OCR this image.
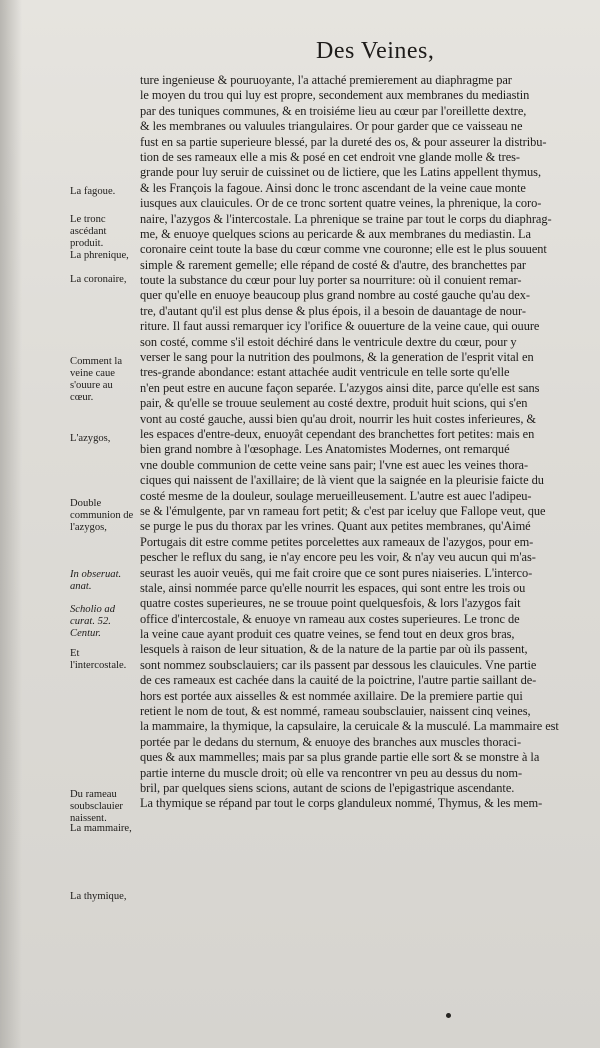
Des Veines,
ture ingenieuse & pouruoyante, l'a attaché premierement au diaphragme par
le moyen du trou qui luy est propre, secondement aux membranes du mediastin
par des tuniques communes, & en troisiéme lieu au cœur par l'oreillette dextre,
& les membranes ou valuules triangulaires. Or pour garder que ce vaisseau ne
fust en sa partie superieure blessé, par la dureté des os, & pour asseurer la distribu-
tion de ses rameaux elle a mis & posé en cet endroit vne glande molle & tres-
grande pour luy seruir de cuissinet ou de lictiere, que les Latins appellent thymus,
& les François la fagoue. Ainsi donc le tronc ascendant de la veine caue monte
iusques aux clauicules. Or de ce tronc sortent quatre veines, la phrenique, la coro-
naire, l'azygos & l'intercostale. La phrenique se traine par tout le corps du diaphrag-
me, & enuoye quelques scions au pericarde & aux membranes du mediastin. La
coronaire ceint toute la base du cœur comme vne couronne; elle est le plus souuent
simple & rarement gemelle; elle répand de costé & d'autre, des branchettes par
toute la substance du cœur pour luy porter sa nourriture: où il conuient remar-
quer qu'elle en enuoye beaucoup plus grand nombre au costé gauche qu'au dex-
tre, d'autant qu'il est plus dense & plus épois, il a besoin de dauantage de nour-
riture. Il faut aussi remarquer icy l'orifice & ouuerture de la veine caue, qui ouure
son costé, comme s'il estoit déchiré dans le ventricule dextre du cœur, pour y
verser le sang pour la nutrition des poulmons, & la generation de l'esprit vital en
tres-grande abondance: estant attachée audit ventricule en telle sorte qu'elle
n'en peut estre en aucune façon separée. L'azygos ainsi dite, parce qu'elle est sans
pair, & qu'elle se trouue seulement au costé dextre, produit huit scions, qui s'en
vont au costé gauche, aussi bien qu'au droit, nourrir les huit costes inferieures, &
les espaces d'entre-deux, enuoyât cependant des branchettes fort petites: mais en
bien grand nombre à l'œsophage. Les Anatomistes Modernes, ont remarqué
vne double communion de cette veine sans pair; l'vne est auec les veines thora-
ciques qui naissent de l'axillaire; de là vient que la saignée en la pleurisie faicte du
costé mesme de la douleur, soulage merueilleusement. L'autre est auec l'adipeu-
se & l'émulgente, par vn rameau fort petit; & c'est par iceluy que Fallope veut, que
se purge le pus du thorax par les vrines. Quant aux petites membranes, qu'Aimé
Portugais dit estre comme petites porcelettes aux rameaux de l'azygos, pour em-
pescher le reflux du sang, ie n'ay encore peu les voir, & n'ay veu aucun qui m'as-
seurast les auoir veuës, qui me fait croire que ce sont pures niaiseries. L'interco-
stale, ainsi nommée parce qu'elle nourrit les espaces, qui sont entre les trois ou
quatre costes superieures, ne se trouue point quelquesfois, & lors l'azygos fait
office d'intercostale, & enuoye vn rameau aux costes superieures. Le tronc de
la veine caue ayant produit ces quatre veines, se fend tout en deux gros bras,
lesquels à raison de leur situation, & de la nature de la partie par où ils passent,
sont nommez soubsclauiers; car ils passent par dessous les clauicules. Vne partie
de ces rameaux est cachée dans la cauité de la poictrine, l'autre partie saillant de-
hors est portée aux aisselles & est nommée axillaire. De la premiere partie qui
retient le nom de tout, & est nommé, rameau soubsclauier, naissent cinq veines,
la mammaire, la thymique, la capsulaire, la ceruicale & la musculé. La mammaire est
portée par le dedans du sternum, & enuoye des branches aux muscles thoraci-
ques & aux mammelles; mais par sa plus grande partie elle sort & se monstre à la
partie interne du muscle droit; où elle va rencontrer vn peu au dessus du nom-
bril, par quelques siens scions, autant de scions de l'epigastrique ascendante.
La thymique se répand par tout le corps glanduleux nommé, Thymus, & les mem-
La fagoue.
Le tronc ascédant produit.
La phrenique,
La coronaire,
Comment la veine caue s'ouure au cœur.
L'azygos,
Double communion de l'azygos,
In obseruat. anat.
Scholio ad curat. 52. Centur.
Et l'intercostale.
Du rameau soubsclauier naissent.
La mammaire,
La thymique,
